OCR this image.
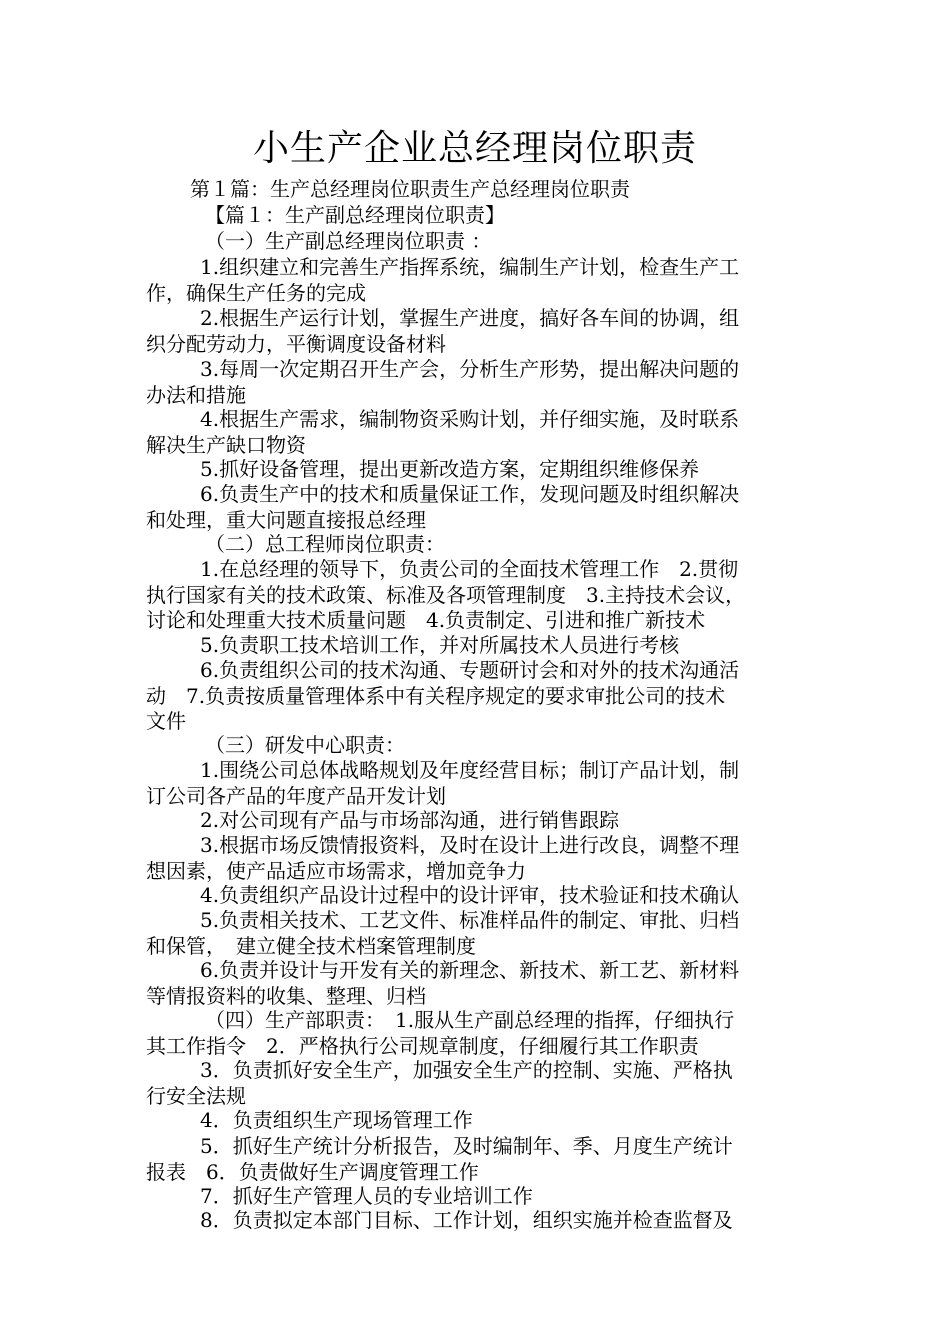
小生产企业总经理岗位职责
第１篇：生产总经理岗位职责生产总经理岗位职责
【篇１：生产副总经理岗位职责】
（一）生产副总经理岗位职责 ：
1.组织建立和完善生产指挥系统，编制生产计划，检查生产工
作，确保生产任务的完成
2.根据生产运行计划，掌握生产进度，搞好各车间的协调，组
织分配劳动力，平衡调度设备材料
3.每周一次定期召开生产会，分析生产形势，提出解决问题的
办法和措施
4.根据生产需求，编制物资采购计划，并仔细实施，及时联系
解决生产缺口物资
5.抓好设备管理，提出更新改造方案，定期组织维修保养
6.负责生产中的技术和质量保证工作，发现问题及时组织解决
和处理，重大问题直接报总经理
（二）总工程师岗位职责：
1.在总经理的领导下，负责公司的全面技术管理工作　2.贯彻
执行国家有关的技术政策、标准及各项管理制度　3.主持技术会议，
讨论和处理重大技术质量问题　4.负责制定、引进和推广新技术
5.负责职工技术培训工作，并对所属技术人员进行考核
6.负责组织公司的技术沟通、专题研讨会和对外的技术沟通活
动　7.负责按质量管理体系中有关程序规定的要求审批公司的技术
文件
（三）研发中心职责：
1.围绕公司总体战略规划及年度经营目标；制订产品计划，制
订公司各产品的年度产品开发计划
2.对公司现有产品与市场部沟通，进行销售跟踪
3.根据市场反馈情报资料，及时在设计上进行改良，调整不理
想因素，使产品适应市场需求，增加竞争力
4.负责组织产品设计过程中的设计评审，技术验证和技术确认
5.负责相关技术、工艺文件、标准样品件的制定、审批、归档
和保管，　建立健全技术档案管理制度
6.负责并设计与开发有关的新理念、新技术、新工艺、新材料
等情报资料的收集、整理、归档
（四）生产部职责：　1.服从生产副总经理的指挥，仔细执行
其工作指令　2．严格执行公司规章制度，仔细履行其工作职责
3．负责抓好安全生产，加强安全生产的控制、实施、严格执
行安全法规
4．负责组织生产现场管理工作
5．抓好生产统计分析报告，及时编制年、季、月度生产统计
报表　6．负责做好生产调度管理工作
7．抓好生产管理人员的专业培训工作
8．负责拟定本部门目标、工作计划，组织实施并检查监督及
